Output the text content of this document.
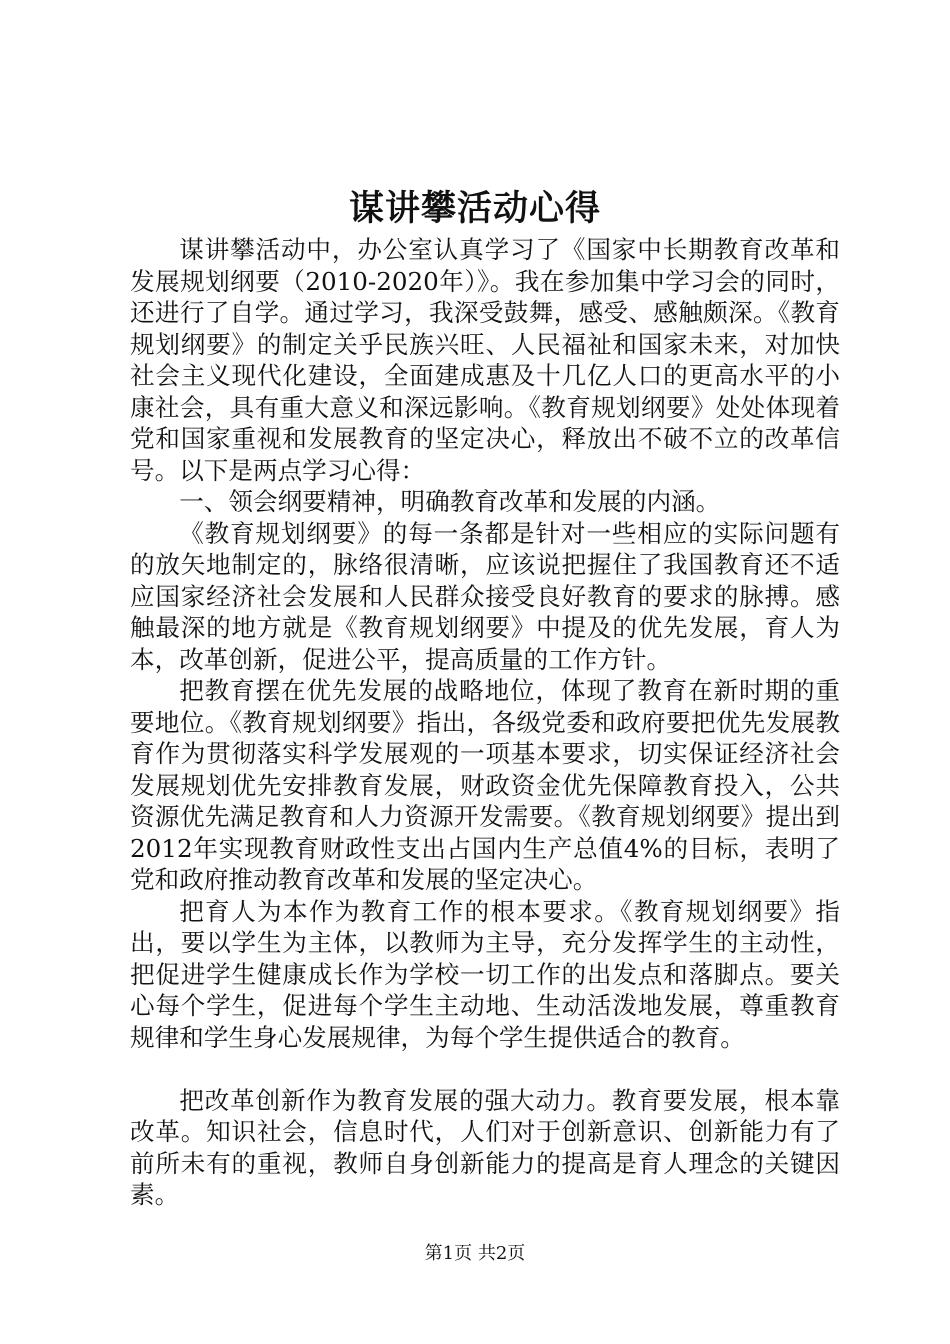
谋讲攀活动心得

谋讲攀活动中，办公室认真学习了《国家中长期教育改革和发展规划纲要（2010-2020年）》。我在参加集中学习会的同时，还进行了自学。通过学习，我深受鼓舞，感受、感触颇深。《教育规划纲要》的制定关乎民族兴旺、人民福祉和国家未来，对加快社会主义现代化建设，全面建成惠及十几亿人口的更高水平的小康社会，具有重大意义和深远影响。《教育规划纲要》处处体现着党和国家重视和发展教育的坚定决心，释放出不破不立的改革信号。以下是两点学习心得：

一、领会纲要精神，明确教育改革和发展的内涵。

《教育规划纲要》的每一条都是针对一些相应的实际问题有的放矢地制定的，脉络很清晰，应该说把握住了我国教育还不适应国家经济社会发展和人民群众接受良好教育的要求的脉搏。感触最深的地方就是《教育规划纲要》中提及的优先发展，育人为本，改革创新，促进公平，提高质量的工作方针。

把教育摆在优先发展的战略地位，体现了教育在新时期的重要地位。《教育规划纲要》指出，各级党委和政府要把优先发展教育作为贯彻落实科学发展观的一项基本要求，切实保证经济社会发展规划优先安排教育发展，财政资金优先保障教育投入，公共资源优先满足教育和人力资源开发需要。《教育规划纲要》提出到2012年实现教育财政性支出占国内生产总值4%的目标，表明了党和政府推动教育改革和发展的坚定决心。

把育人为本作为教育工作的根本要求。《教育规划纲要》指出，要以学生为主体，以教师为主导，充分发挥学生的主动性，把促进学生健康成长作为学校一切工作的出发点和落脚点。要关心每个学生，促进每个学生主动地、生动活泼地发展，尊重教育规律和学生身心发展规律，为每个学生提供适合的教育。

把改革创新作为教育发展的强大动力。教育要发展，根本靠改革。知识社会，信息时代，人们对于创新意识、创新能力有了前所未有的重视，教师自身创新能力的提高是育人理念的关键因素。

第1页 共2页
